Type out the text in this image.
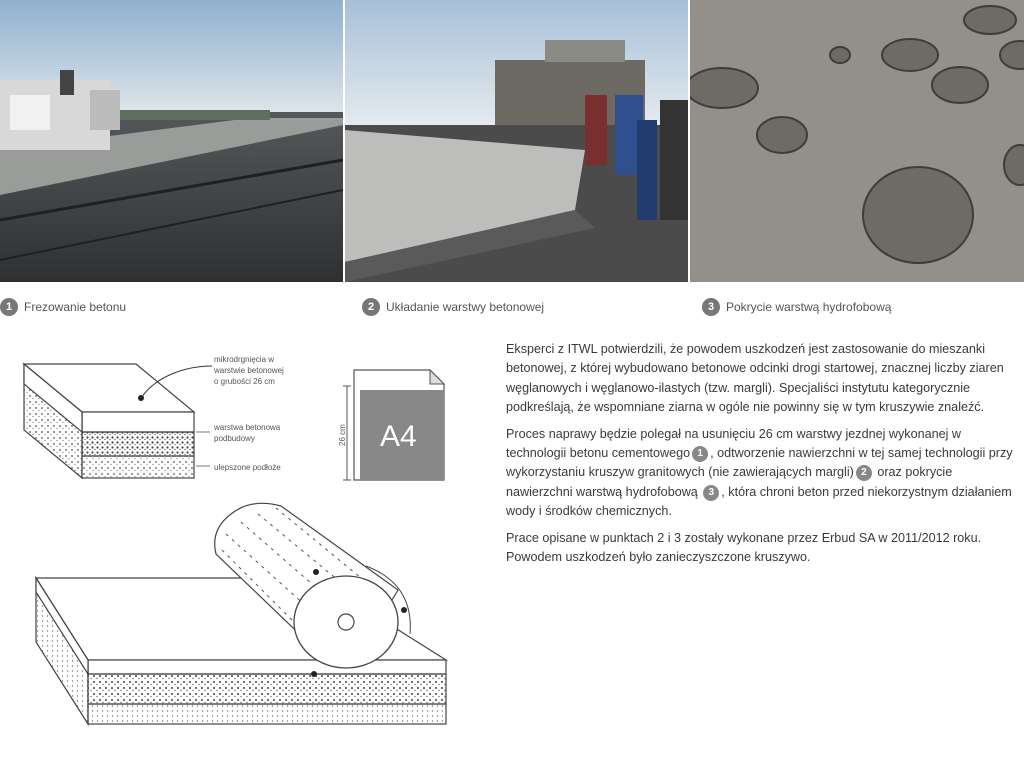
1 Frezowanie betonu	2 Układanie warstwy betonowej	3 Pokrycie warstwą hydrofobową
mikrodrgnięcia w
warstwie betonowej
o grubości 26 cm
warstwa betonowa
podbudowy
ulepszone podłoże
26 cm A4

Eksperci z ITWL potwierdzili, że powodem uszkodzeń jest zastosowanie do mieszanki betonowej, z której wybudowano betonowe odcinki drogi startowej, znacznej liczby ziaren węglanowych i węglanowo-ilastych (tzw. margli). Specjaliści instytutu kategorycznie podkreślają, że wspomniane ziarna w ogóle nie powinny się w tym kruszywie znaleźć.

Proces naprawy będzie polegał na usunięciu 26 cm warstwy jezdnej wykonanej w technologii betonu cementowego 1 , odtworzenie nawierzchni w tej samej technologii przy wykorzystaniu kruszyw granitowych (nie zawierających margli) 2 oraz pokrycie nawierzchni warstwą hydrofobową 3 , która chroni beton przed niekorzystnym działaniem wody i środków chemicznych.

Prace opisane w punktach 2 i 3 zostały wykonane przez Erbud SA w 2011/2012 roku. Powodem uszkodzeń było zanieczyszczone kruszywo.
